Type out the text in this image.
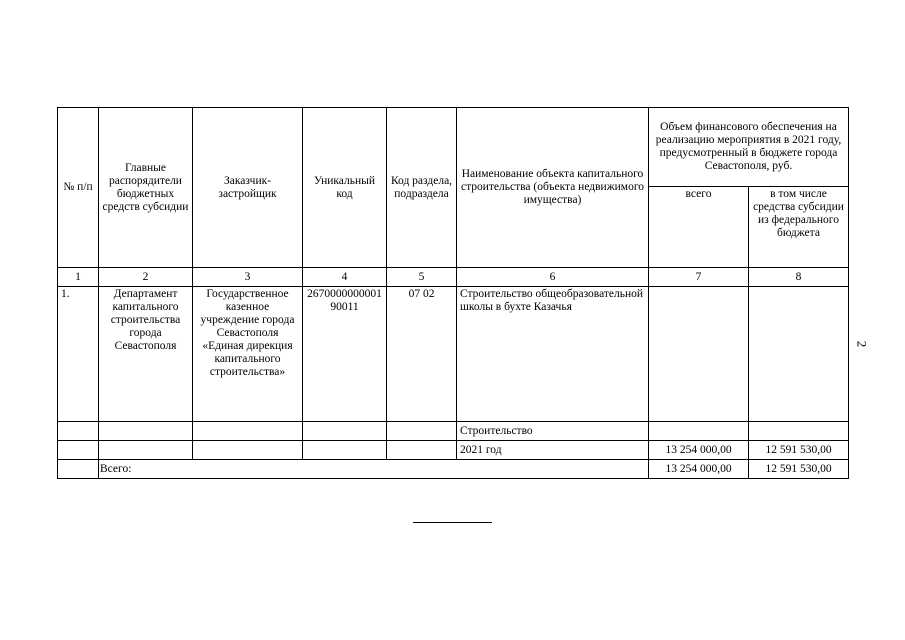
№ п/п	Главные распорядители бюджетных средств субсидии	Заказчик-застройщик	Уникальный код	Код раздела, подраздела	Наименование объекта капитального строительства (объекта недвижимого имущества)	Объем финансового обеспечения на реализацию мероприятия в 2021 году, предусмотренный в бюджете города Севастополя, руб.	
						всего	в том числе средства субсидии из федерального бюджета
1	2	3	4	5	6	7	8
1.	Департамент капитального строительства города Севастополя	Государственное казенное учреждение города Севастополя «Единая дирекция капитального строительства»	267000000000190011	07 02	Строительство общеобразовательной школы в бухте Казачья		
					Строительство		
					2021 год	13 254 000,00	12 591 530,00
	Всего:					13 254 000,00	12 591 530,00
2
